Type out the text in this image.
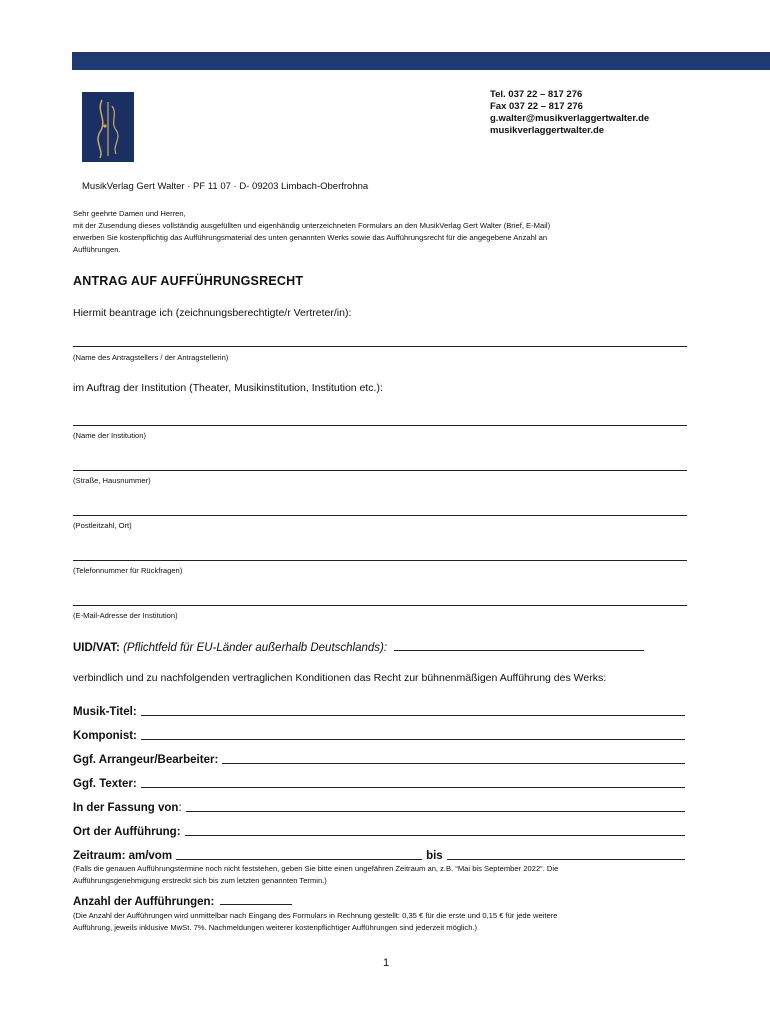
Tel. 037 22 – 817 276
Fax 037 22 – 817 276
g.walter@musikverlaggertwalter.de
musikverlaggertwalter.de
MusikVerlag Gert Walter · PF 11 07 · D- 09203 Limbach-Oberfrohna
Sehr geehrte Damen und Herren,
mit der Zusendung dieses vollständig ausgefüllten und eigenhändig unterzeichneten Formulars an den MusikVerlag Gert Walter (Brief, E-Mail)
erwerben Sie kostenpflichtig das Aufführungsmaterial des unten genannten Werks sowie das Aufführungsrecht für die angegebene Anzahl an
Aufführungen.
ANTRAG AUF AUFFÜHRUNGSRECHT
Hiermit beantrage ich (zeichnungsberechtigte/r Vertreter/in):
(Name des Antragstellers / der Antragstellerin)
im Auftrag der Institution (Theater, Musikinstitution, Institution etc.):
(Name der Institution)
(Straße, Hausnummer)
(Postleitzahl, Ort)
(Telefonnummer für Rückfragen)
(E-Mail-Adresse der Institution)
UID/VAT: (Pflichtfeld für EU-Länder außerhalb Deutschlands):
verbindlich und zu nachfolgenden vertraglichen Konditionen das Recht zur bühnenmäßigen Aufführung des Werks:
Musik-Titel:
Komponist:
Ggf. Arrangeur/Bearbeiter:
Ggf. Texter:
In der Fassung von :
Ort der Aufführung:
Zeitraum: am/vom	bis
(Falls die genauen Aufführungstermine noch nicht feststehen, geben Sie bitte einen ungefähren Zeitraum an, z.B. “Mai bis September 2022“. Die
Aufführungsgenehmigung erstreckt sich bis zum letzten genannten Termin.)
Anzahl der Aufführungen:
(Die Anzahl der Aufführungen wird unmittelbar nach Eingang des Formulars in Rechnung gestellt: 0,35 € für die erste und 0,15 € für jede weitere
Aufführung, jeweils inklusive MwSt. 7%. Nachmeldungen weiterer kostenpflichtiger Aufführungen sind jederzeit möglich.)
1
